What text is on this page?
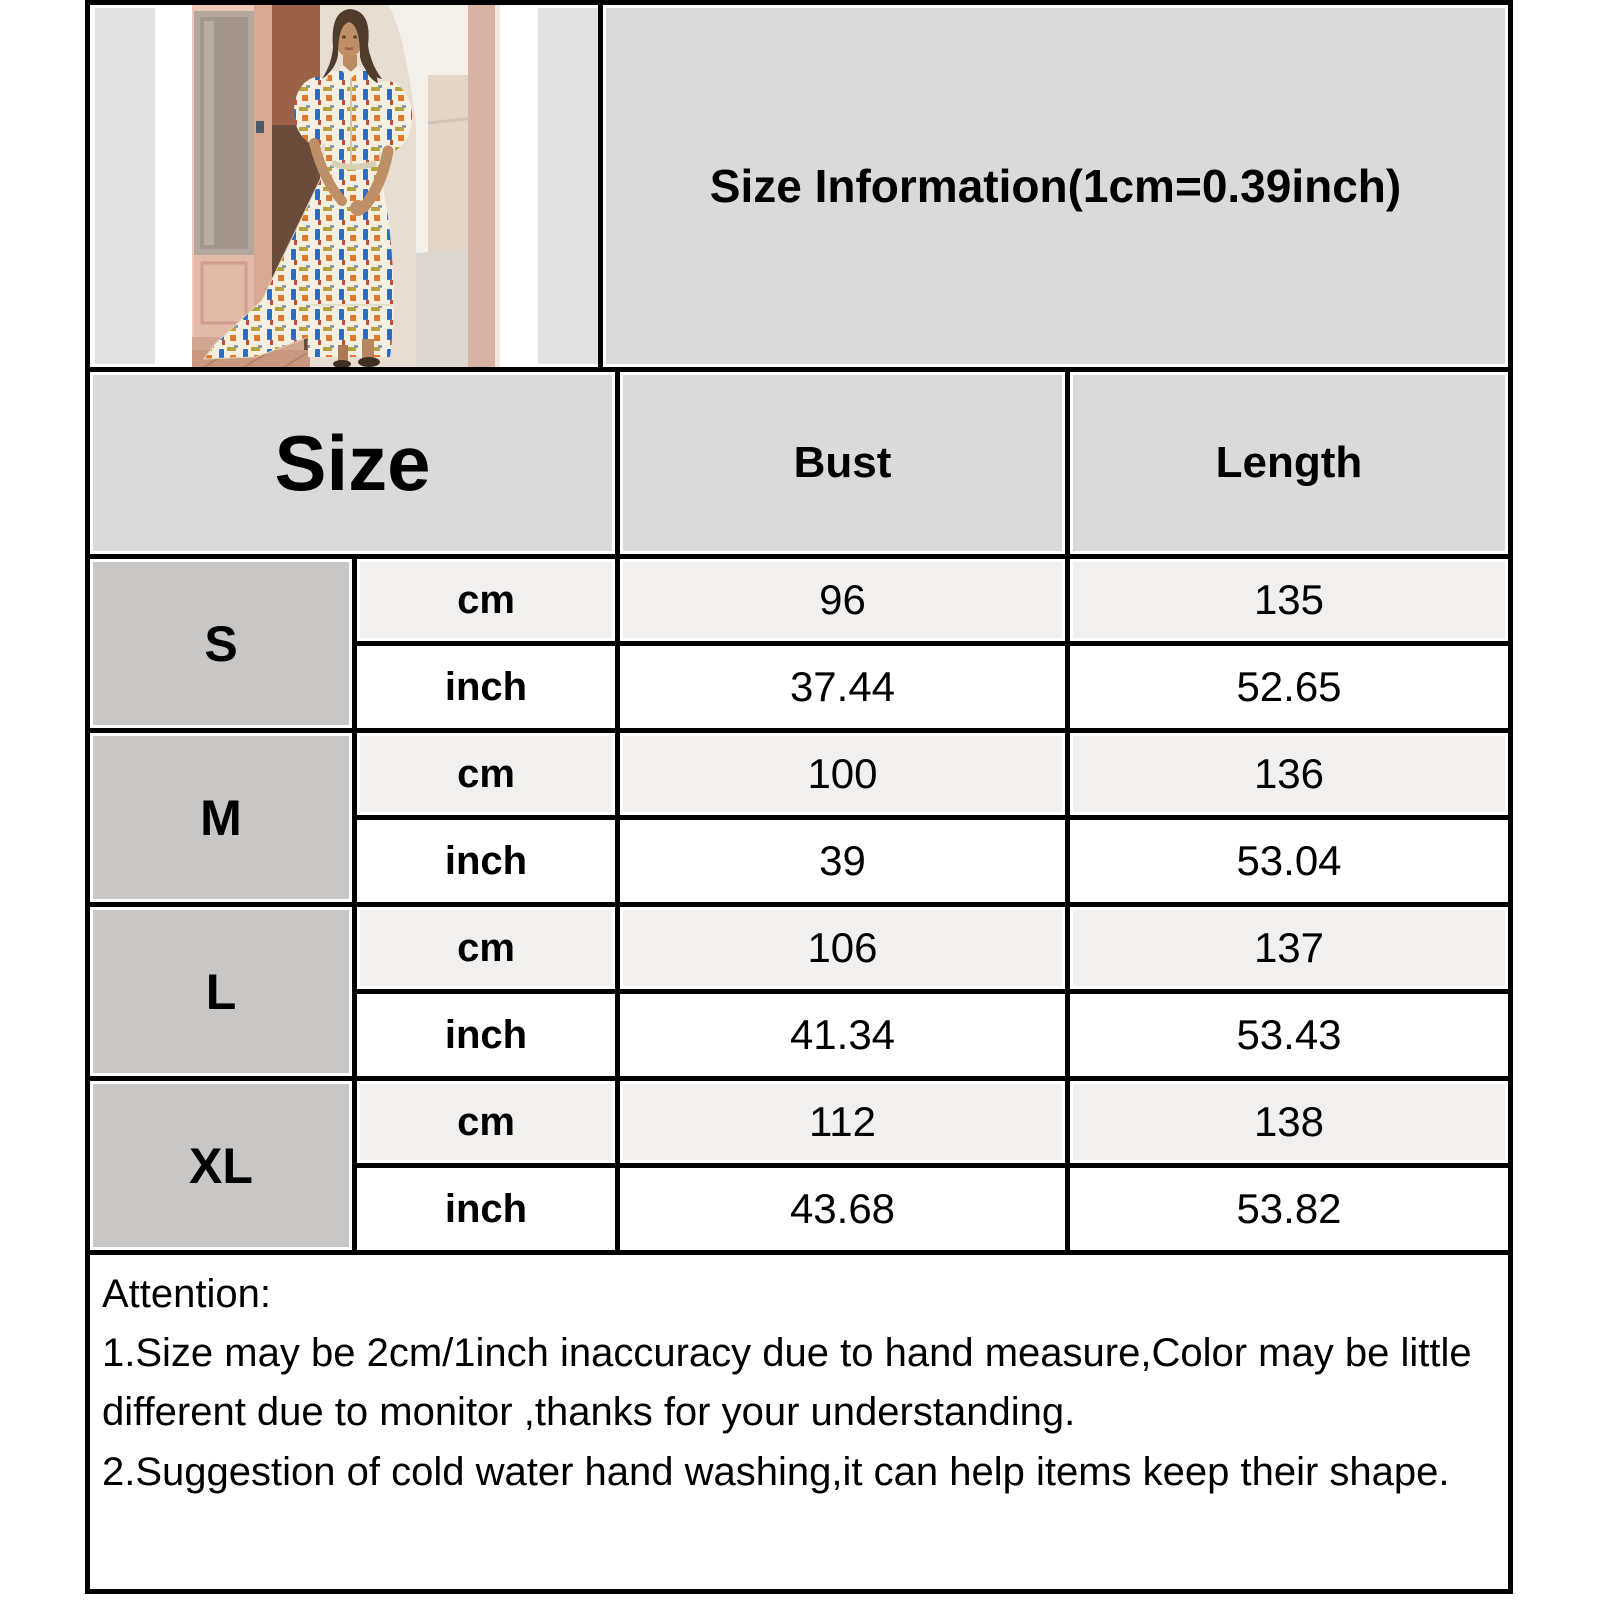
Size Information(1cm=0.39inch)
Size	Bust	Length
S
cm	96	135
inch	37.44	52.65
M
cm	100	136
inch	39	53.04
L
cm	106	137
inch	41.34	53.43
XL
cm	112	138
inch	43.68	53.82
Attention:
1.Size may be 2cm/1inch inaccuracy due to hand measure,Color may be little different due to monitor ,thanks for your understanding.
2.Suggestion of cold water hand washing,it can help items keep their shape.
